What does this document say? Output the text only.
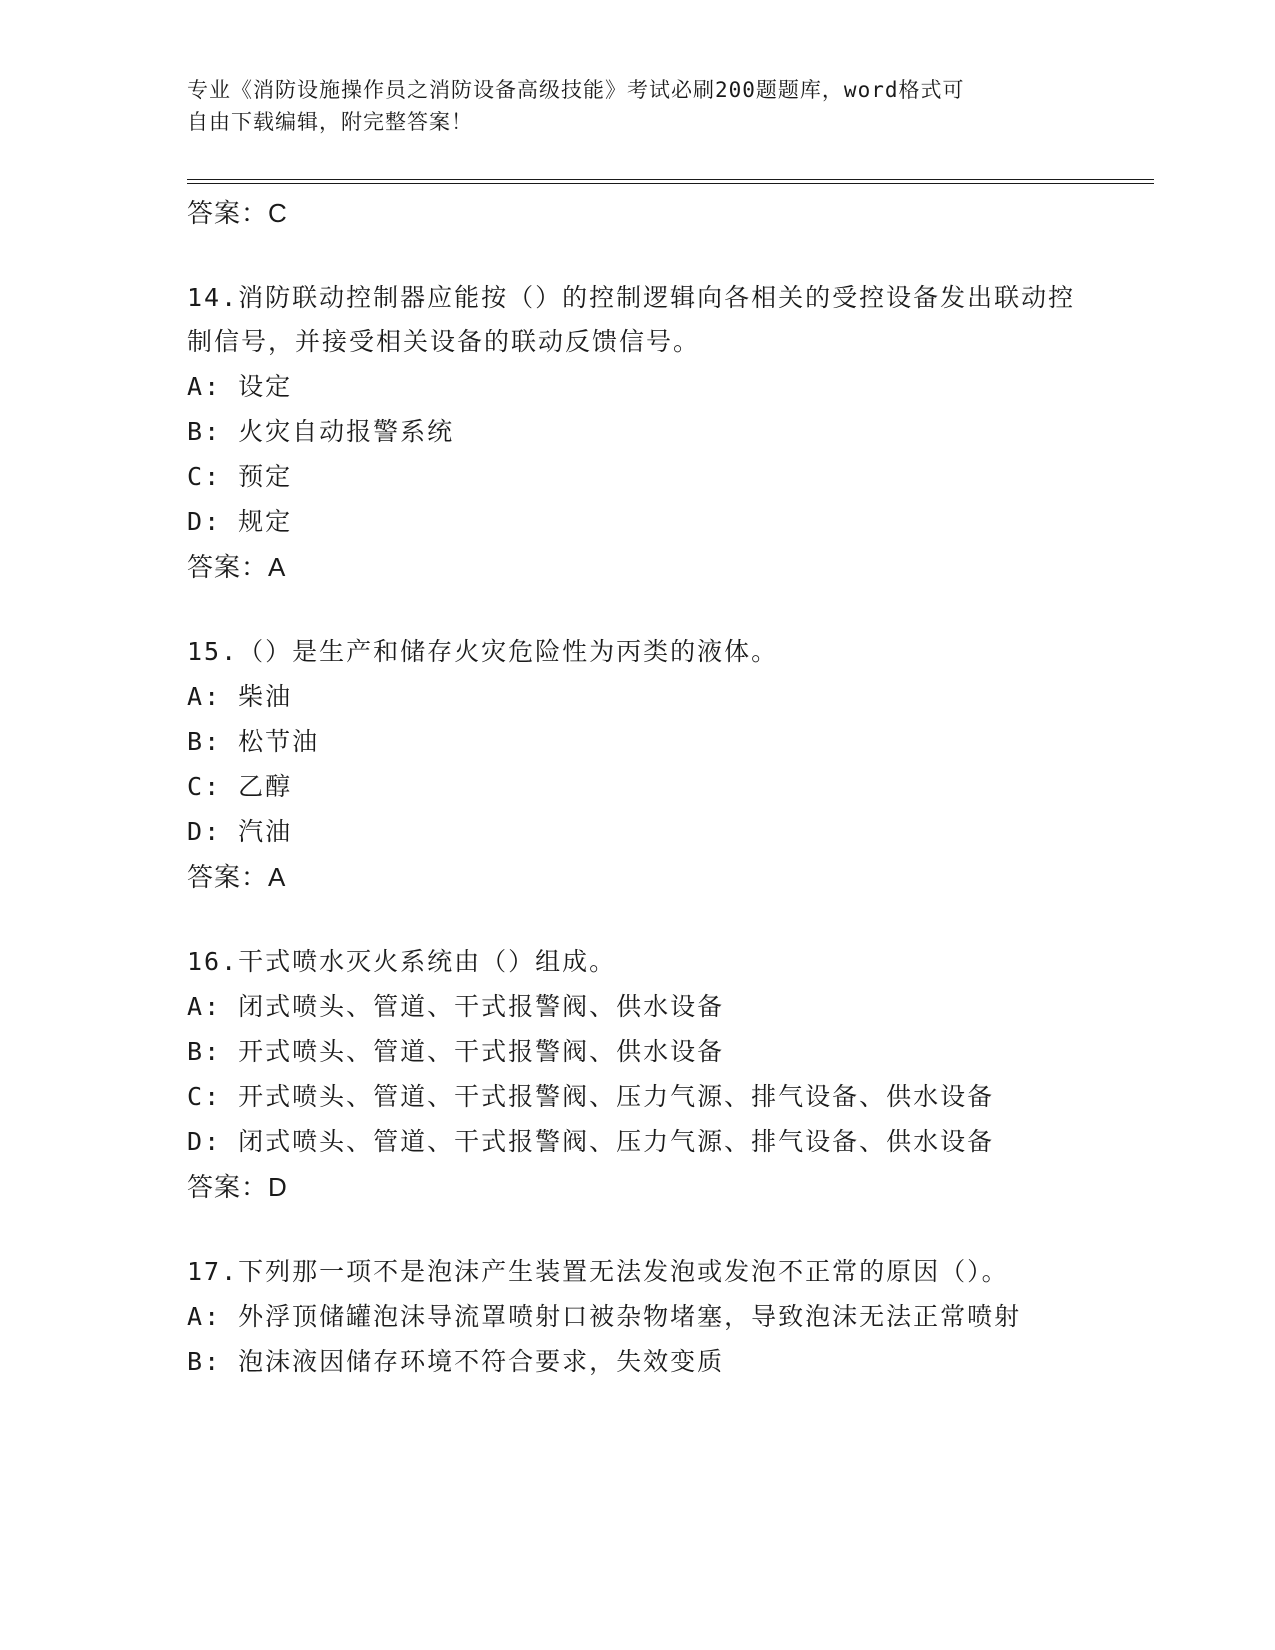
专业《消防设施操作员之消防设备高级技能》考试必刷200题题库，word格式可
自由下载编辑，附完整答案！
答案：C
14.消防联动控制器应能按（）的控制逻辑向各相关的受控设备发出联动控制信号，并接受相关设备的联动反馈信号。
A: 设定
B: 火灾自动报警系统
C: 预定
D: 规定
答案：A
15.（）是生产和储存火灾危险性为丙类的液体。
A: 柴油
B: 松节油
C: 乙醇
D: 汽油
答案：A
16.干式喷水灭火系统由（）组成。
A: 闭式喷头、管道、干式报警阀、供水设备
B: 开式喷头、管道、干式报警阀、供水设备
C: 开式喷头、管道、干式报警阀、压力气源、排气设备、供水设备
D: 闭式喷头、管道、干式报警阀、压力气源、排气设备、供水设备
答案：D
17.下列那一项不是泡沫产生装置无法发泡或发泡不正常的原因（）。
A: 外浮顶储罐泡沫导流罩喷射口被杂物堵塞，导致泡沫无法正常喷射
B: 泡沫液因储存环境不符合要求，失效变质
